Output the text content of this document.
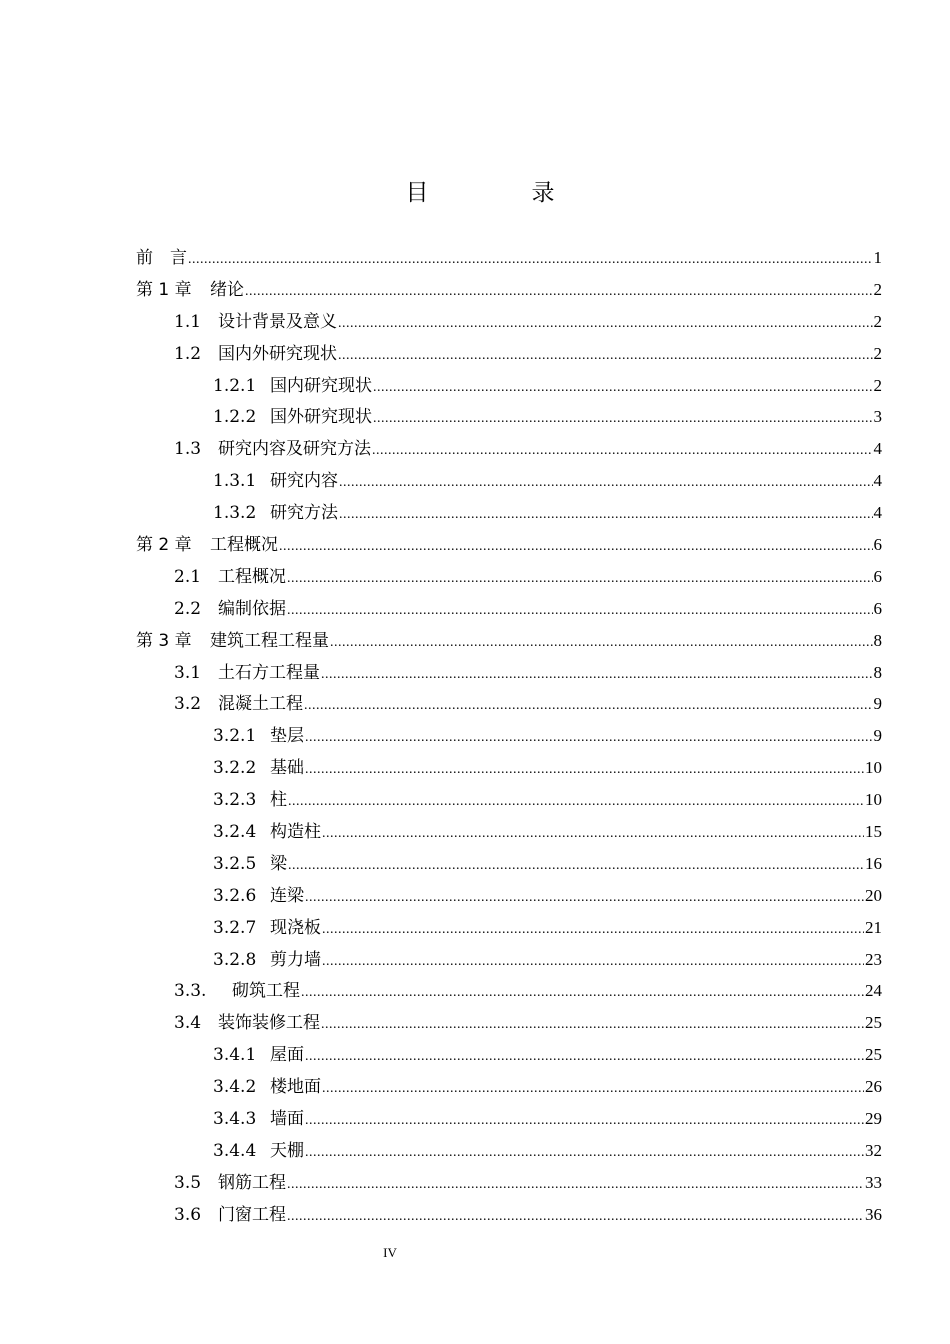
目　录
前　言 .....	1
第 1 章	绪论 .....	2
1.1 设计背景及意义 .....	2
1.2 国内外研究现状 .....	2
1.2.1 国内研究现状 .....	2
1.2.2 国外研究现状 .....	3
1.3 研究内容及研究方法 .....	4
1.3.1 研究内容 .....	4
1.3.2 研究方法 .....	4
第 2 章	工程概况 .....	6
2.1 工程概况 .....	6
2.2 编制依据 .....	6
第 3 章	建筑工程工程量 .....	8
3.1 土石方工程量 .....	8
3.2 混凝土工程 .....	9
3.2.1 垫层 .....	9
3.2.2 基础 .....	10
3.2.3 柱 .....	10
3.2.4 构造柱 .....	15
3.2.5 梁 .....	16
3.2.6 连梁 .....	20
3.2.7 现浇板 .....	21
3.2.8 剪力墙 .....	23
3.3.	砌筑工程 .....	24
3.4 装饰装修工程 .....	25
3.4.1 屋面 .....	25
3.4.2 楼地面 .....	26
3.4.3 墙面 .....	29
3.4.4 天棚 .....	32
3.5 钢筋工程 .....	33
3.6 门窗工程 .....	36
IV
